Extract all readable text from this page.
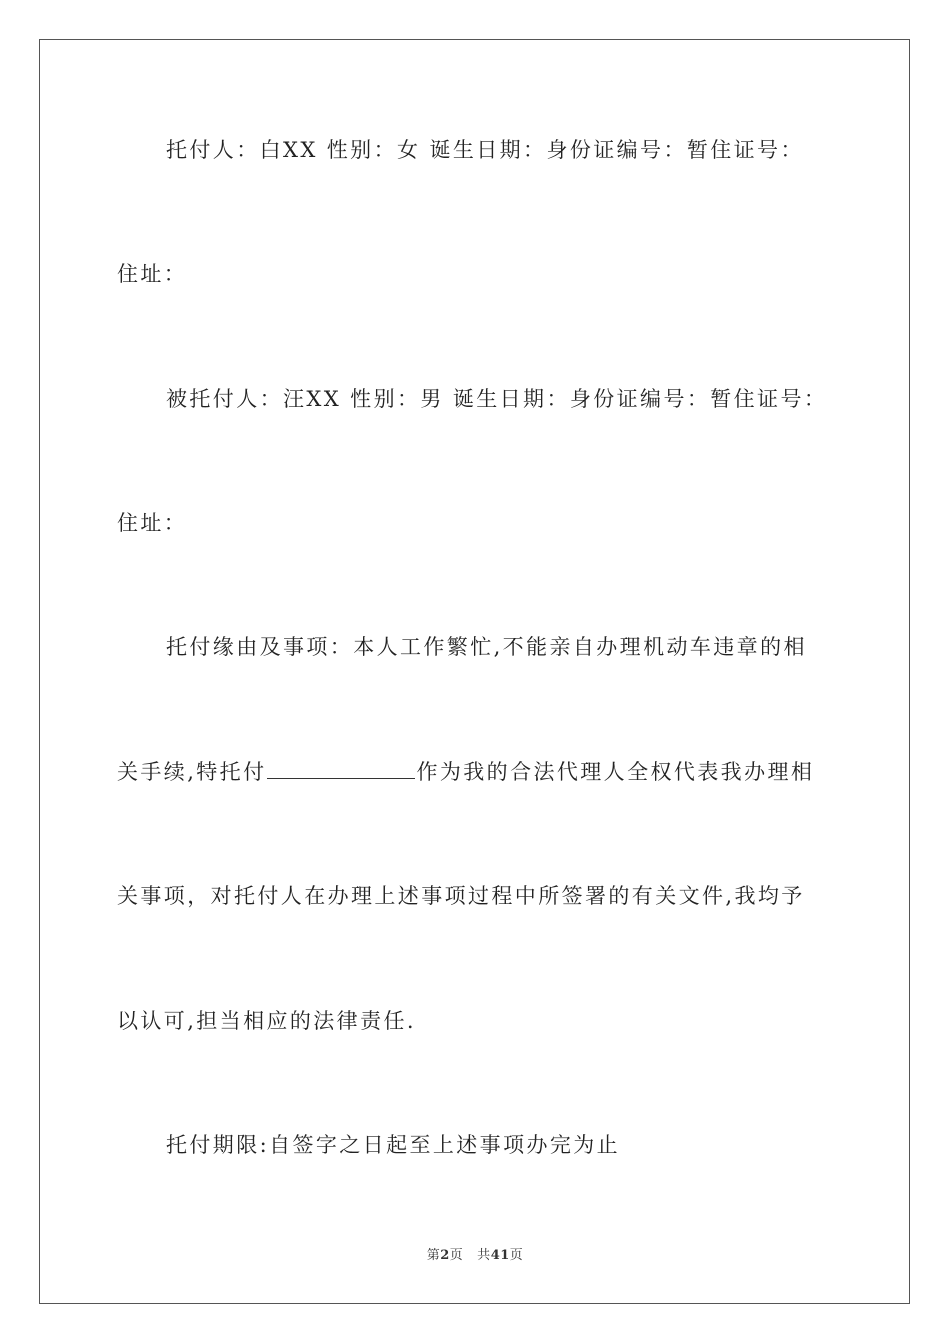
托付人：白XX 性别：女 诞生日期：身份证编号：暂住证号：
住址：
被托付人：汪XX 性别：男 诞生日期：身份证编号：暂住证号：
住址：
托付缘由及事项：本人工作繁忙,不能亲自办理机动车违章的相
关手续,特托付	作为我的合法代理人全权代表我办理相
关事项，对托付人在办理上述事项过程中所签署的有关文件,我均予
以认可,担当相应的法律责任.
托付期限:自签字之日起至上述事项办完为止
第2页 共41页
